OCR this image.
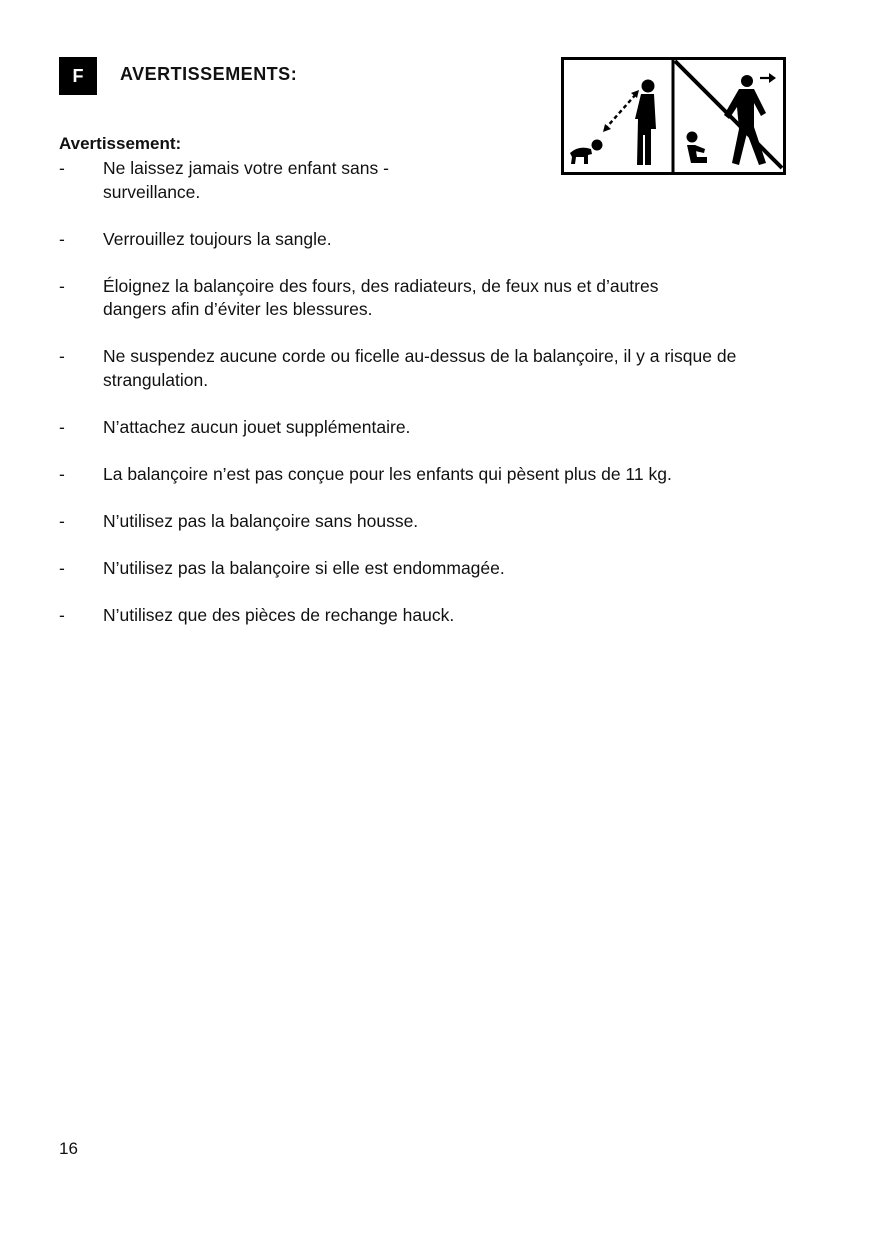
F	AVERTISSEMENTS:
Avertissement:
- Ne laissez jamais votre enfant sans - surveillance.
- Verrouillez toujours la sangle.
- Éloignez la balançoire des fours, des radiateurs, de feux nus et d’autres dangers afin d’éviter les blessures.
- Ne suspendez aucune corde ou ficelle au-dessus de la balançoire, il y a risque de strangulation.
- N’attachez aucun jouet supplémentaire.
- La balançoire n’est pas conçue pour les enfants qui pèsent plus de 11 kg.
- N’utilisez pas la balançoire sans housse.
- N’utilisez pas la balançoire si elle est endommagée.
- N’utilisez que des pièces de rechange hauck.

16
